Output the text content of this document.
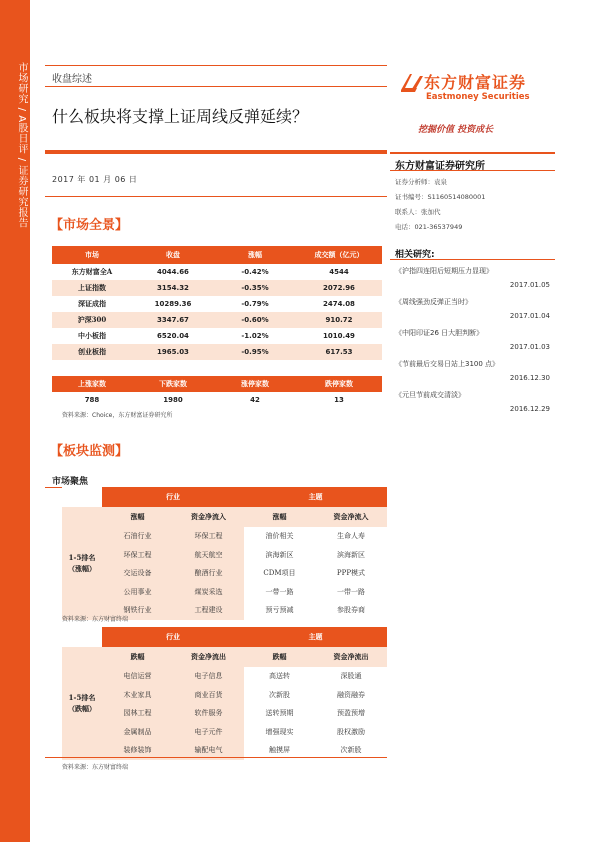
市场研究 / A股日评 / 证券研究报告	收盘综述
什么板块将支撑上证周线反弹延续？
2017 年 01 月 06 日
东方财富证券
Eastmoney Securities
挖掘价值 投资成长
东方财富证券研究所
证券分析师：袁泉
证书编号：S1160514080001
联系人：张加代
电话：021-36537949
相关研究:
《沪指四连阳后短期压力显现》
2017.01.05
《周线强劲反弹正当时》
2017.01.04
《中阳印证26 日大胆判断》
2017.01.03
《节前最后交易日站上3100 点》
2016.12.30
《元旦节前成交清淡》
2016.12.29
【市场全景】
市场	收盘	涨幅	成交额（亿元）
东方财富全A	4044.66	-0.42%	4544
上证指数	3154.32	-0.35%	2072.96
深证成指	10289.36	-0.79%	2474.08
沪深300	3347.67	-0.60%	910.72
中小板指	6520.04	-1.02%	1010.49
创业板指	1965.03	-0.95%	617.53
上涨家数	下跌家数	涨停家数	跌停家数
788	1980	42	13
资料来源：Choice，东方财富证券研究所
【板块监测】
市场聚焦
	行业		主题	
1-5排名（涨幅）	涨幅	资金净流入	涨幅	资金净流入
	石油行业	环保工程	油价相关	生命人寿
	环保工程	航天航空	滨海新区	滨海新区
	交运设备	酿酒行业	CDM项目	PPP模式
	公用事业	煤炭采选	一带一路	一带一路
	钢铁行业	工程建设	预亏预减	参股券商
资料来源：东方财富终端
	行业		主题	
1-5排名（跌幅）	跌幅	资金净流出	跌幅	资金净流出
	电信运营	电子信息	高送转	深股通
	木业家具	商业百货	次新股	融资融券
	园林工程	软件服务	送转预期	预盈预增
	金属制品	电子元件	增强现实	股权激励
	装修装饰	输配电气	触摸屏	次新股
资料来源：东方财富终端
